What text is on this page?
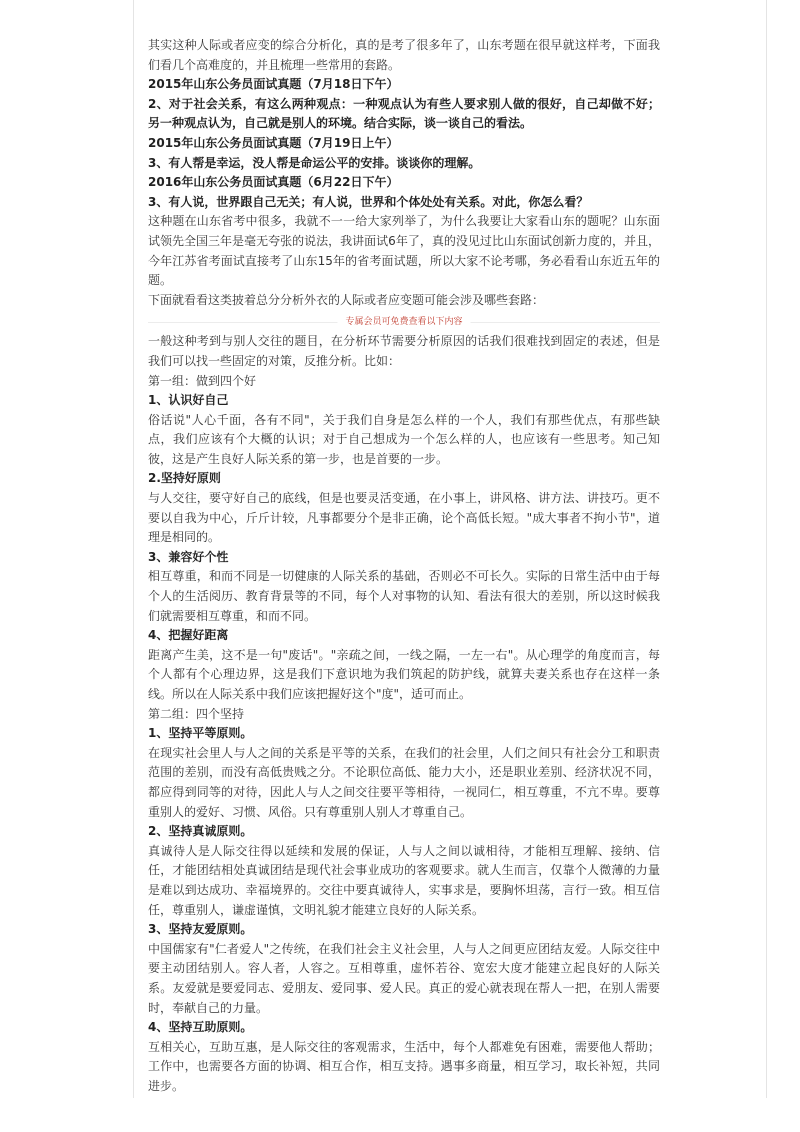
其实这种人际或者应变的综合分析化，真的是考了很多年了，山东考题在很早就这样考，下面我们看几个高难度的，并且梳理一些常用的套路。

2015年山东公务员面试真题（7月18日下午）

2、对于社会关系，有这么两种观点：一种观点认为有些人要求别人做的很好，自己却做不好；另一种观点认为，自己就是别人的环境。结合实际，谈一谈自己的看法。

2015年山东公务员面试真题（7月19日上午）

3、有人帮是幸运，没人帮是命运公平的安排。谈谈你的理解。

2016年山东公务员面试真题（6月22日下午）

3、有人说，世界跟自己无关；有人说，世界和个体处处有关系。对此，你怎么看？

这种题在山东省考中很多，我就不一一给大家列举了，为什么我要让大家看山东的题呢？山东面试领先全国三年是毫无夸张的说法，我讲面试6年了，真的没见过比山东面试创新力度的，并且，今年江苏省考面试直接考了山东15年的省考面试题，所以大家不论考哪，务必看看山东近五年的题。

下面就看看这类披着总分分析外衣的人际或者应变题可能会涉及哪些套路：

专属会员可免费查看以下内容

一般这种考到与别人交往的题目，在分析环节需要分析原因的话我们很难找到固定的表述，但是我们可以找一些固定的对策，反推分析。比如：

第一组：做到四个好

1、认识好自己

俗话说"人心千面，各有不同"，关于我们自身是怎么样的一个人，我们有那些优点，有那些缺点，我们应该有个大概的认识；对于自己想成为一个怎么样的人，也应该有一些思考。知己知彼，这是产生良好人际关系的第一步，也是首要的一步。

2.坚持好原则

与人交往，要守好自己的底线，但是也要灵活变通，在小事上，讲风格、讲方法、讲技巧。更不要以自我为中心，斤斤计较，凡事都要分个是非正确，论个高低长短。"成大事者不拘小节"，道理是相同的。

3、兼容好个性

相互尊重，和而不同是一切健康的人际关系的基础，否则必不可长久。实际的日常生活中由于每个人的生活阅历、教育背景等的不同，每个人对事物的认知、看法有很大的差别，所以这时候我们就需要相互尊重，和而不同。

4、把握好距离

距离产生美，这不是一句"废话"。"亲疏之间，一线之隔，一左一右"。从心理学的角度而言，每个人都有个心理边界，这是我们下意识地为我们筑起的防护线，就算夫妻关系也存在这样一条线。所以在人际关系中我们应该把握好这个"度"，适可而止。

第二组：四个坚持

1、坚持平等原则。

在现实社会里人与人之间的关系是平等的关系，在我们的社会里，人们之间只有社会分工和职责范围的差别，而没有高低贵贱之分。不论职位高低、能力大小，还是职业差别、经济状况不同，都应得到同等的对待，因此人与人之间交往要平等相待，一视同仁，相互尊重，不亢不卑。要尊重别人的爱好、习惯、风俗。只有尊重别人别人才尊重自己。

2、坚持真诚原则。

真诚待人是人际交往得以延续和发展的保证，人与人之间以诚相待，才能相互理解、接纳、信任，才能团结相处真诚团结是现代社会事业成功的客观要求。就人生而言，仅靠个人微薄的力量是难以到达成功、幸福境界的。交往中要真诚待人，实事求是，要胸怀坦荡，言行一致。相互信任，尊重别人，谦虚谨慎，文明礼貌才能建立良好的人际关系。

3、坚持友爱原则。

中国儒家有"仁者爱人"之传统，在我们社会主义社会里，人与人之间更应团结友爱。人际交往中要主动团结别人。容人者，人容之。互相尊重，虚怀若谷、宽宏大度才能建立起良好的人际关系。友爱就是要爱同志、爱朋友、爱同事、爱人民。真正的爱心就表现在帮人一把，在别人需要时，奉献自己的力量。

4、坚持互助原则。

互相关心，互助互惠，是人际交往的客观需求，生活中，每个人都难免有困难，需要他人帮助；工作中，也需要各方面的协调、相互合作，相互支持。遇事多商量，相互学习，取长补短，共同进步。
